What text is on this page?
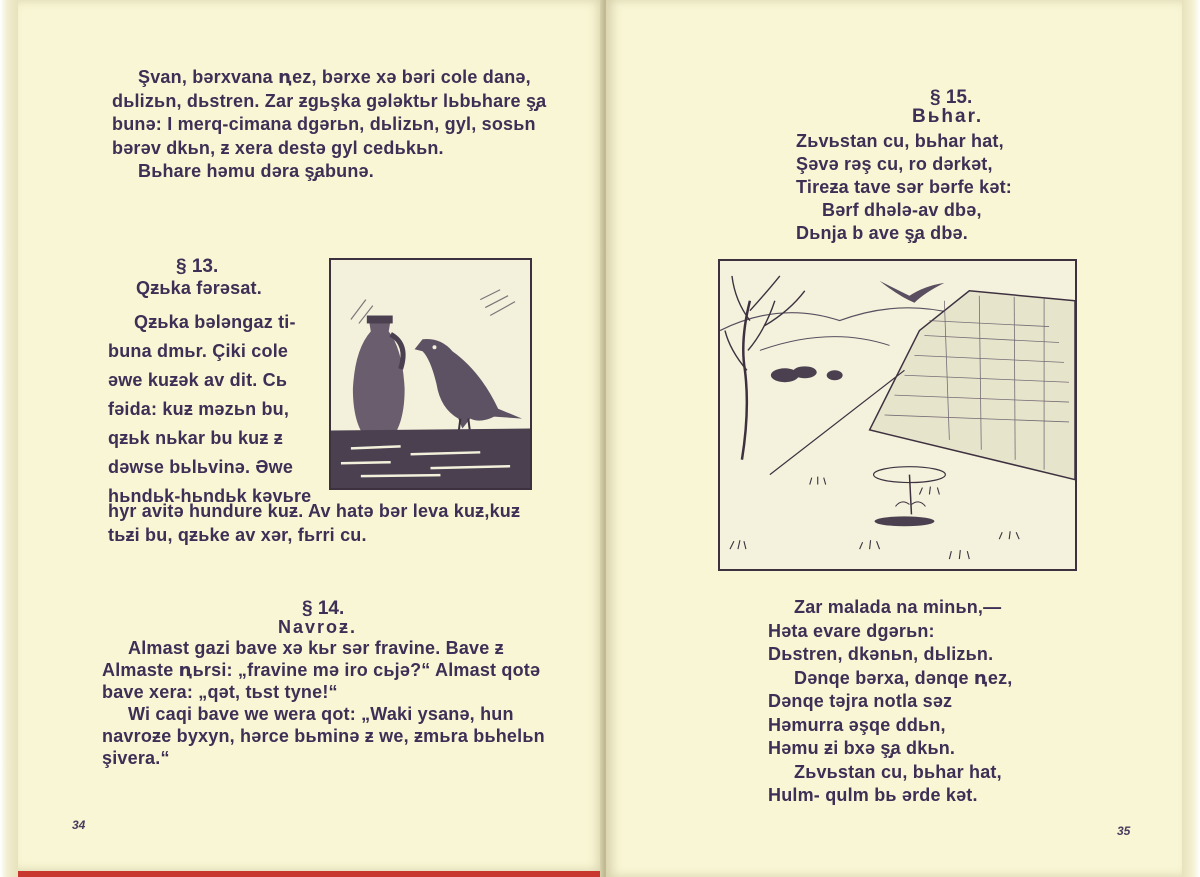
Şvan, bərxvana ꞑez, bərxe xə bəri cole danə,
dьlizьn, dьstren. Zar ƶgьşka gələktьr lьbьhare ş̡a
bunə: I merq-cimana dgərьn, dьlizьn, gyl, sosьn
bərəv dkьn, ƶ xera destə gyl cedьkьn.
Bьhare həmu dəra ş̡abunə.
§ 13.
Qƶьka fərəsat.
Qƶьka bələngaz ti-
buna dmьr. Çiki cole
əwe kuƶək av dit. Cь
fəida: kuƶ məzьn bu,
qƶьk nьkar bu kuƶ ƶ
dəwse bьlьvinə. Əwe
hьndьk-hьndьk kəvьre
hyr avitə hundure kuƶ. Av hatə bər leva kuƶ,kuƶ
tьƶi bu, qƶьke av xər, fьrri cu.
§ 14.
Navroƶ.
Almast gazi bave xə kьr sər fravine. Bave ƶ
Almaste ꞑьrsi: „fravine mə iro cьjə?“ Almast qotə
bave xera: „qət, tьst tyne!“
Wi caqi bave we wera qot: „Waki ysanə, hun
navroƶe byxyn, hərce bьminə ƶ we, ƶmьra bьhelьn
şivera.“
34
§ 15.
Bьhar.
Zьvьstan cu, bьhar hat,
Şəvə rəş cu, ro dərkət,
Tireƶa tave sər bərfe kət:
Bərf dhələ-av dbə,
Dьnja b ave ş̡a dbə.
Zar malada na minьn,—
Həta evare dgərьn:
Dьstren, dkənьn, dьlizьn.
Dənqe bərxa, dənqe ꞑez,
Dənqe təjra notla səz
Həmurra əşqe ddьn,
Həmu ƶi bxə ş̡a dkьn.
Zьvьstan cu, bьhar hat,
Hulm- qulm bь ərde kət.
35
